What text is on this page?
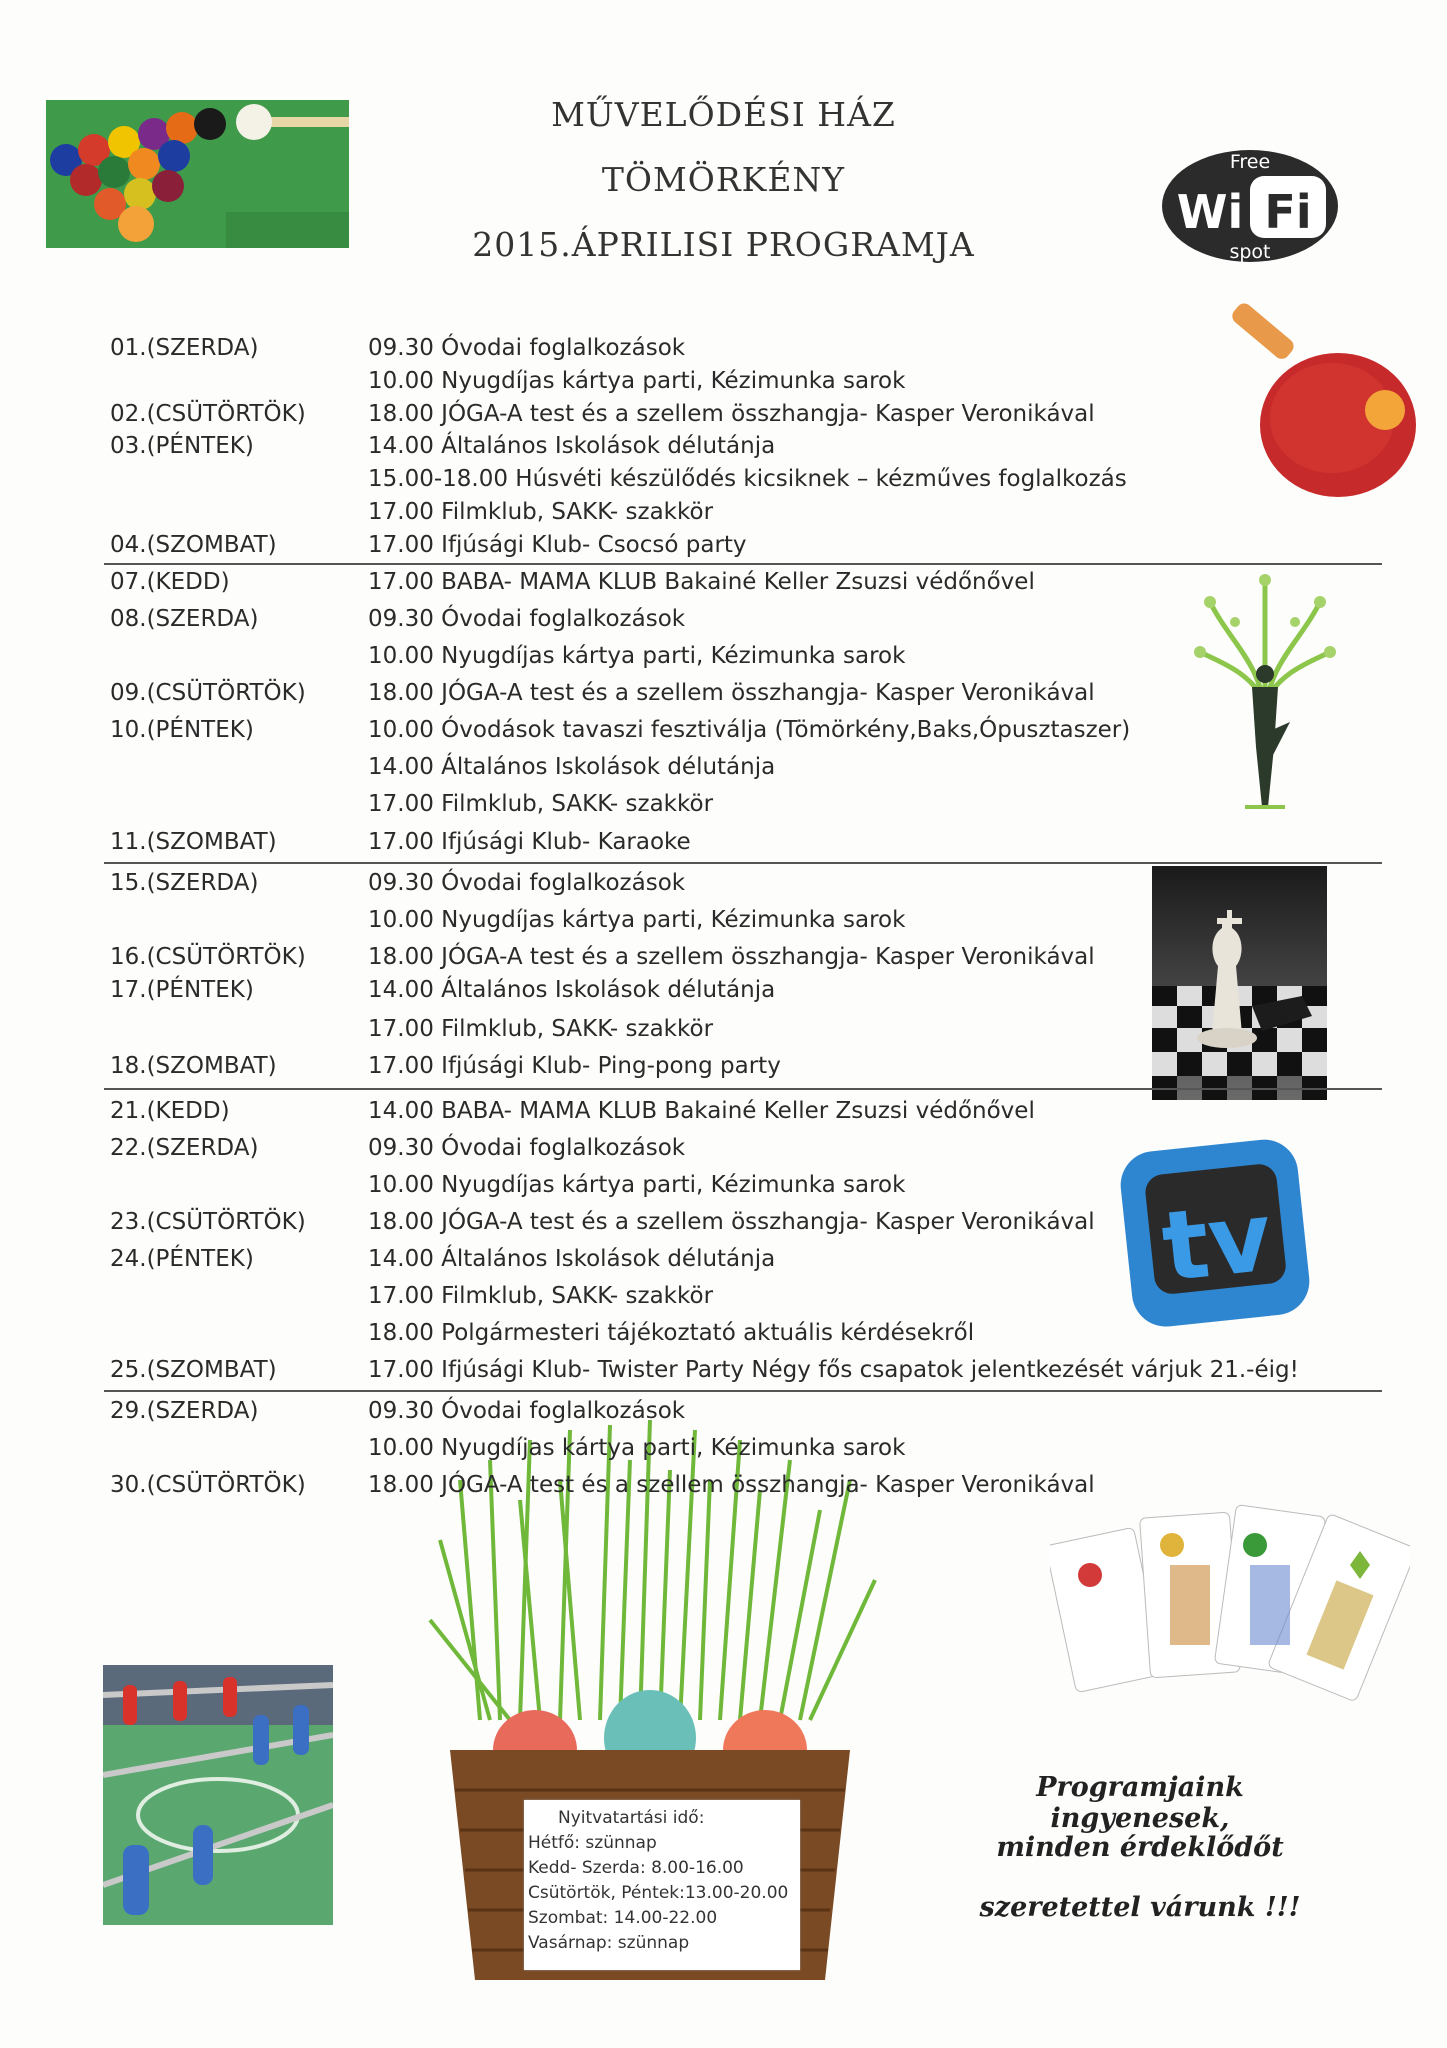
MŰVELŐDÉSI HÁZ
TÖMÖRKÉNY
2015.ÁPRILISI PROGRAMJA
Free
Wi Fi
spot
tv
Nyitvatartási idő:
Hétfő: szünnap
Kedd- Szerda: 8.00-16.00
Csütörtök, Péntek:13.00-20.00
Szombat: 14.00-22.00
Vasárnap: szünnap
Programjaink ingyenesek,
minden érdeklődőt
szeretettel várunk !!!
01.(SZERDA)	09.30 Óvodai foglalkozások
10.00 Nyugdíjas kártya parti, Kézimunka sarok
02.(CSÜTÖRTÖK)	18.00 JÓGA-A test és a szellem összhangja- Kasper Veronikával
03.(PÉNTEK)	14.00 Általános Iskolások délutánja
15.00-18.00 Húsvéti készülődés kicsiknek – kézműves foglalkozás
17.00 Filmklub, SAKK- szakkör
04.(SZOMBAT)	17.00 Ifjúsági Klub- Csocsó party
07.(KEDD)	17.00 BABA- MAMA KLUB Bakainé Keller Zsuzsi védőnővel
08.(SZERDA)	09.30 Óvodai foglalkozások
10.00 Nyugdíjas kártya parti, Kézimunka sarok
09.(CSÜTÖRTÖK)	18.00 JÓGA-A test és a szellem összhangja- Kasper Veronikával
10.(PÉNTEK)	10.00 Óvodások tavaszi fesztiválja (Tömörkény,Baks,Ópusztaszer)
14.00 Általános Iskolások délutánja
17.00 Filmklub, SAKK- szakkör
11.(SZOMBAT)	17.00 Ifjúsági Klub- Karaoke
15.(SZERDA)	09.30 Óvodai foglalkozások
10.00 Nyugdíjas kártya parti, Kézimunka sarok
16.(CSÜTÖRTÖK)	18.00 JÓGA-A test és a szellem összhangja- Kasper Veronikával
17.(PÉNTEK)	14.00 Általános Iskolások délutánja
17.00 Filmklub, SAKK- szakkör
18.(SZOMBAT)	17.00 Ifjúsági Klub- Ping-pong party
21.(KEDD)	14.00 BABA- MAMA KLUB Bakainé Keller Zsuzsi védőnővel
22.(SZERDA)	09.30 Óvodai foglalkozások
10.00 Nyugdíjas kártya parti, Kézimunka sarok
23.(CSÜTÖRTÖK)	18.00 JÓGA-A test és a szellem összhangja- Kasper Veronikával
24.(PÉNTEK)	14.00 Általános Iskolások délutánja
17.00 Filmklub, SAKK- szakkör
18.00 Polgármesteri tájékoztató aktuális kérdésekről
25.(SZOMBAT)	17.00 Ifjúsági Klub- Twister Party Négy fős csapatok jelentkezését várjuk 21.-éig!
29.(SZERDA)	09.30 Óvodai foglalkozások
10.00 Nyugdíjas kártya parti, Kézimunka sarok
30.(CSÜTÖRTÖK)	18.00 JÓGA-A test és a szellem összhangja- Kasper Veronikával
